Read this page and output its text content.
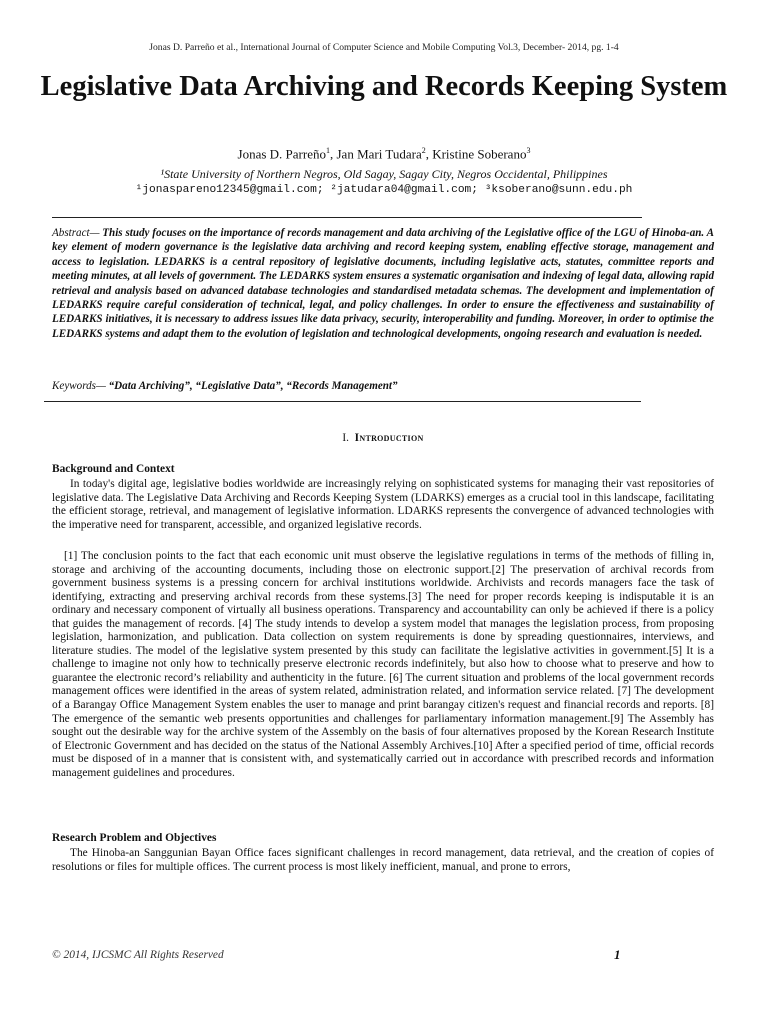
Jonas D. Parreño et al., International Journal of Computer Science and Mobile Computing Vol.3, December- 2014, pg. 1-4
Legislative Data Archiving and Records Keeping System
Jonas D. Parreño$^1$, Jan Mari Tudara$^2$, Kristine Soberano$^3$
¹State University of Northern Negros, Old Sagay, Sagay City, Negros Occidental, Philippines
¹jonaspareno12345@gmail.com; ²jatudara04@gmail.com; ³ksoberano@sunn.edu.ph

Abstract— This study focuses on the importance of records management and data archiving of the Legislative office of the LGU of Hinoba-an. A key element of modern governance is the legislative data archiving and record keeping system, enabling effective storage, management and access to legislation. LEDARKS is a central repository of legislative documents, including legislative acts, statutes, committee reports and meeting minutes, at all levels of government. The LEDARKS system ensures a systematic organisation and indexing of legal data, allowing rapid retrieval and analysis based on advanced database technologies and standardised metadata schemas. The development and implementation of LEDARKS require careful consideration of technical, legal, and policy challenges. In order to ensure the effectiveness and sustainability of LEDARKS initiatives, it is necessary to address issues like data privacy, security, interoperability and funding. Moreover, in order to optimise the LEDARKS systems and adapt them to the evolution of legislation and technological developments, ongoing research and evaluation is needed.

Keywords— “Data Archiving”, “Legislative Data”, “Records Management”

I. Introduction
Background and Context

In today's digital age, legislative bodies worldwide are increasingly relying on sophisticated systems for managing their vast repositories of legislative data. The Legislative Data Archiving and Records Keeping System (LDARKS) emerges as a crucial tool in this landscape, facilitating the efficient storage, retrieval, and management of legislative information. LDARKS represents the convergence of advanced technologies with the imperative need for transparent, accessible, and organized legislative records.

[1] The conclusion points to the fact that each economic unit must observe the legislative regulations in terms of the methods of filling in, storage and archiving of the accounting documents, including those on electronic support.[2] The preservation of archival records from government business systems is a pressing concern for archival institutions worldwide. Archivists and records managers face the task of identifying, extracting and preserving archival records from these systems.[3] The need for proper records keeping is indisputable it is an ordinary and necessary component of virtually all business operations. Transparency and accountability can only be achieved if there is a policy that guides the management of records. [4] The study intends to develop a system model that manages the legislation process, from proposing legislation, harmonization, and publication. Data collection on system requirements is done by spreading questionnaires, interviews, and literature studies. The model of the legislative system presented by this study can facilitate the legislative activities in government.[5] It is a challenge to imagine not only how to technically preserve electronic records indefinitely, but also how to choose what to preserve and how to guarantee the electronic record’s reliability and authenticity in the future. [6] The current situation and problems of the local government records management offices were identified in the areas of system related, administration related, and information service related. [7] The development of a Barangay Office Management System enables the user to manage and print barangay citizen's request and financial records and reports. [8] The emergence of the semantic web presents opportunities and challenges for parliamentary information management.[9] The Assembly has sought out the desirable way for the archive system of the Assembly on the basis of four alternatives proposed by the Korean Research Institute of Electronic Government and has decided on the status of the National Assembly Archives.[10] After a specified period of time, official records must be disposed of in a manner that is consistent with, and systematically carried out in accordance with prescribed records and information management guidelines and procedures.

Research Problem and Objectives

The Hinoba-an Sanggunian Bayan Office faces significant challenges in record management, data retrieval, and the creation of copies of resolutions or files for multiple offices. The current process is most likely inefficient, manual, and prone to errors,

© 2014, IJCSMC All Rights Reserved	1
